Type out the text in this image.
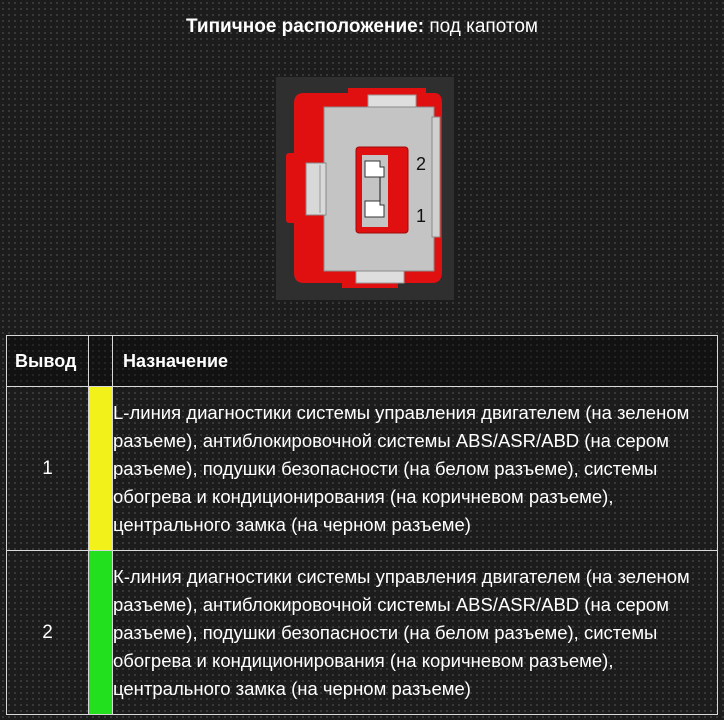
Типичное расположение: под капотом
2
1
Вывод		Назначение
1		L-линия диагностики системы управления двигателем (на зеленом разъеме), антиблокировочной системы ABS/ASR/ABD (на сером разъеме), подушки безопасности (на белом разъеме), системы обогрева и кондиционирования (на коричневом разъеме), центрального замка (на черном разъеме)
2		К-линия диагностики системы управления двигателем (на зеленом разъеме), антиблокировочной системы ABS/ASR/ABD (на сером разъеме), подушки безопасности (на белом разъеме), системы обогрева и кондиционирования (на коричневом разъеме), центрального замка (на черном разъеме)
